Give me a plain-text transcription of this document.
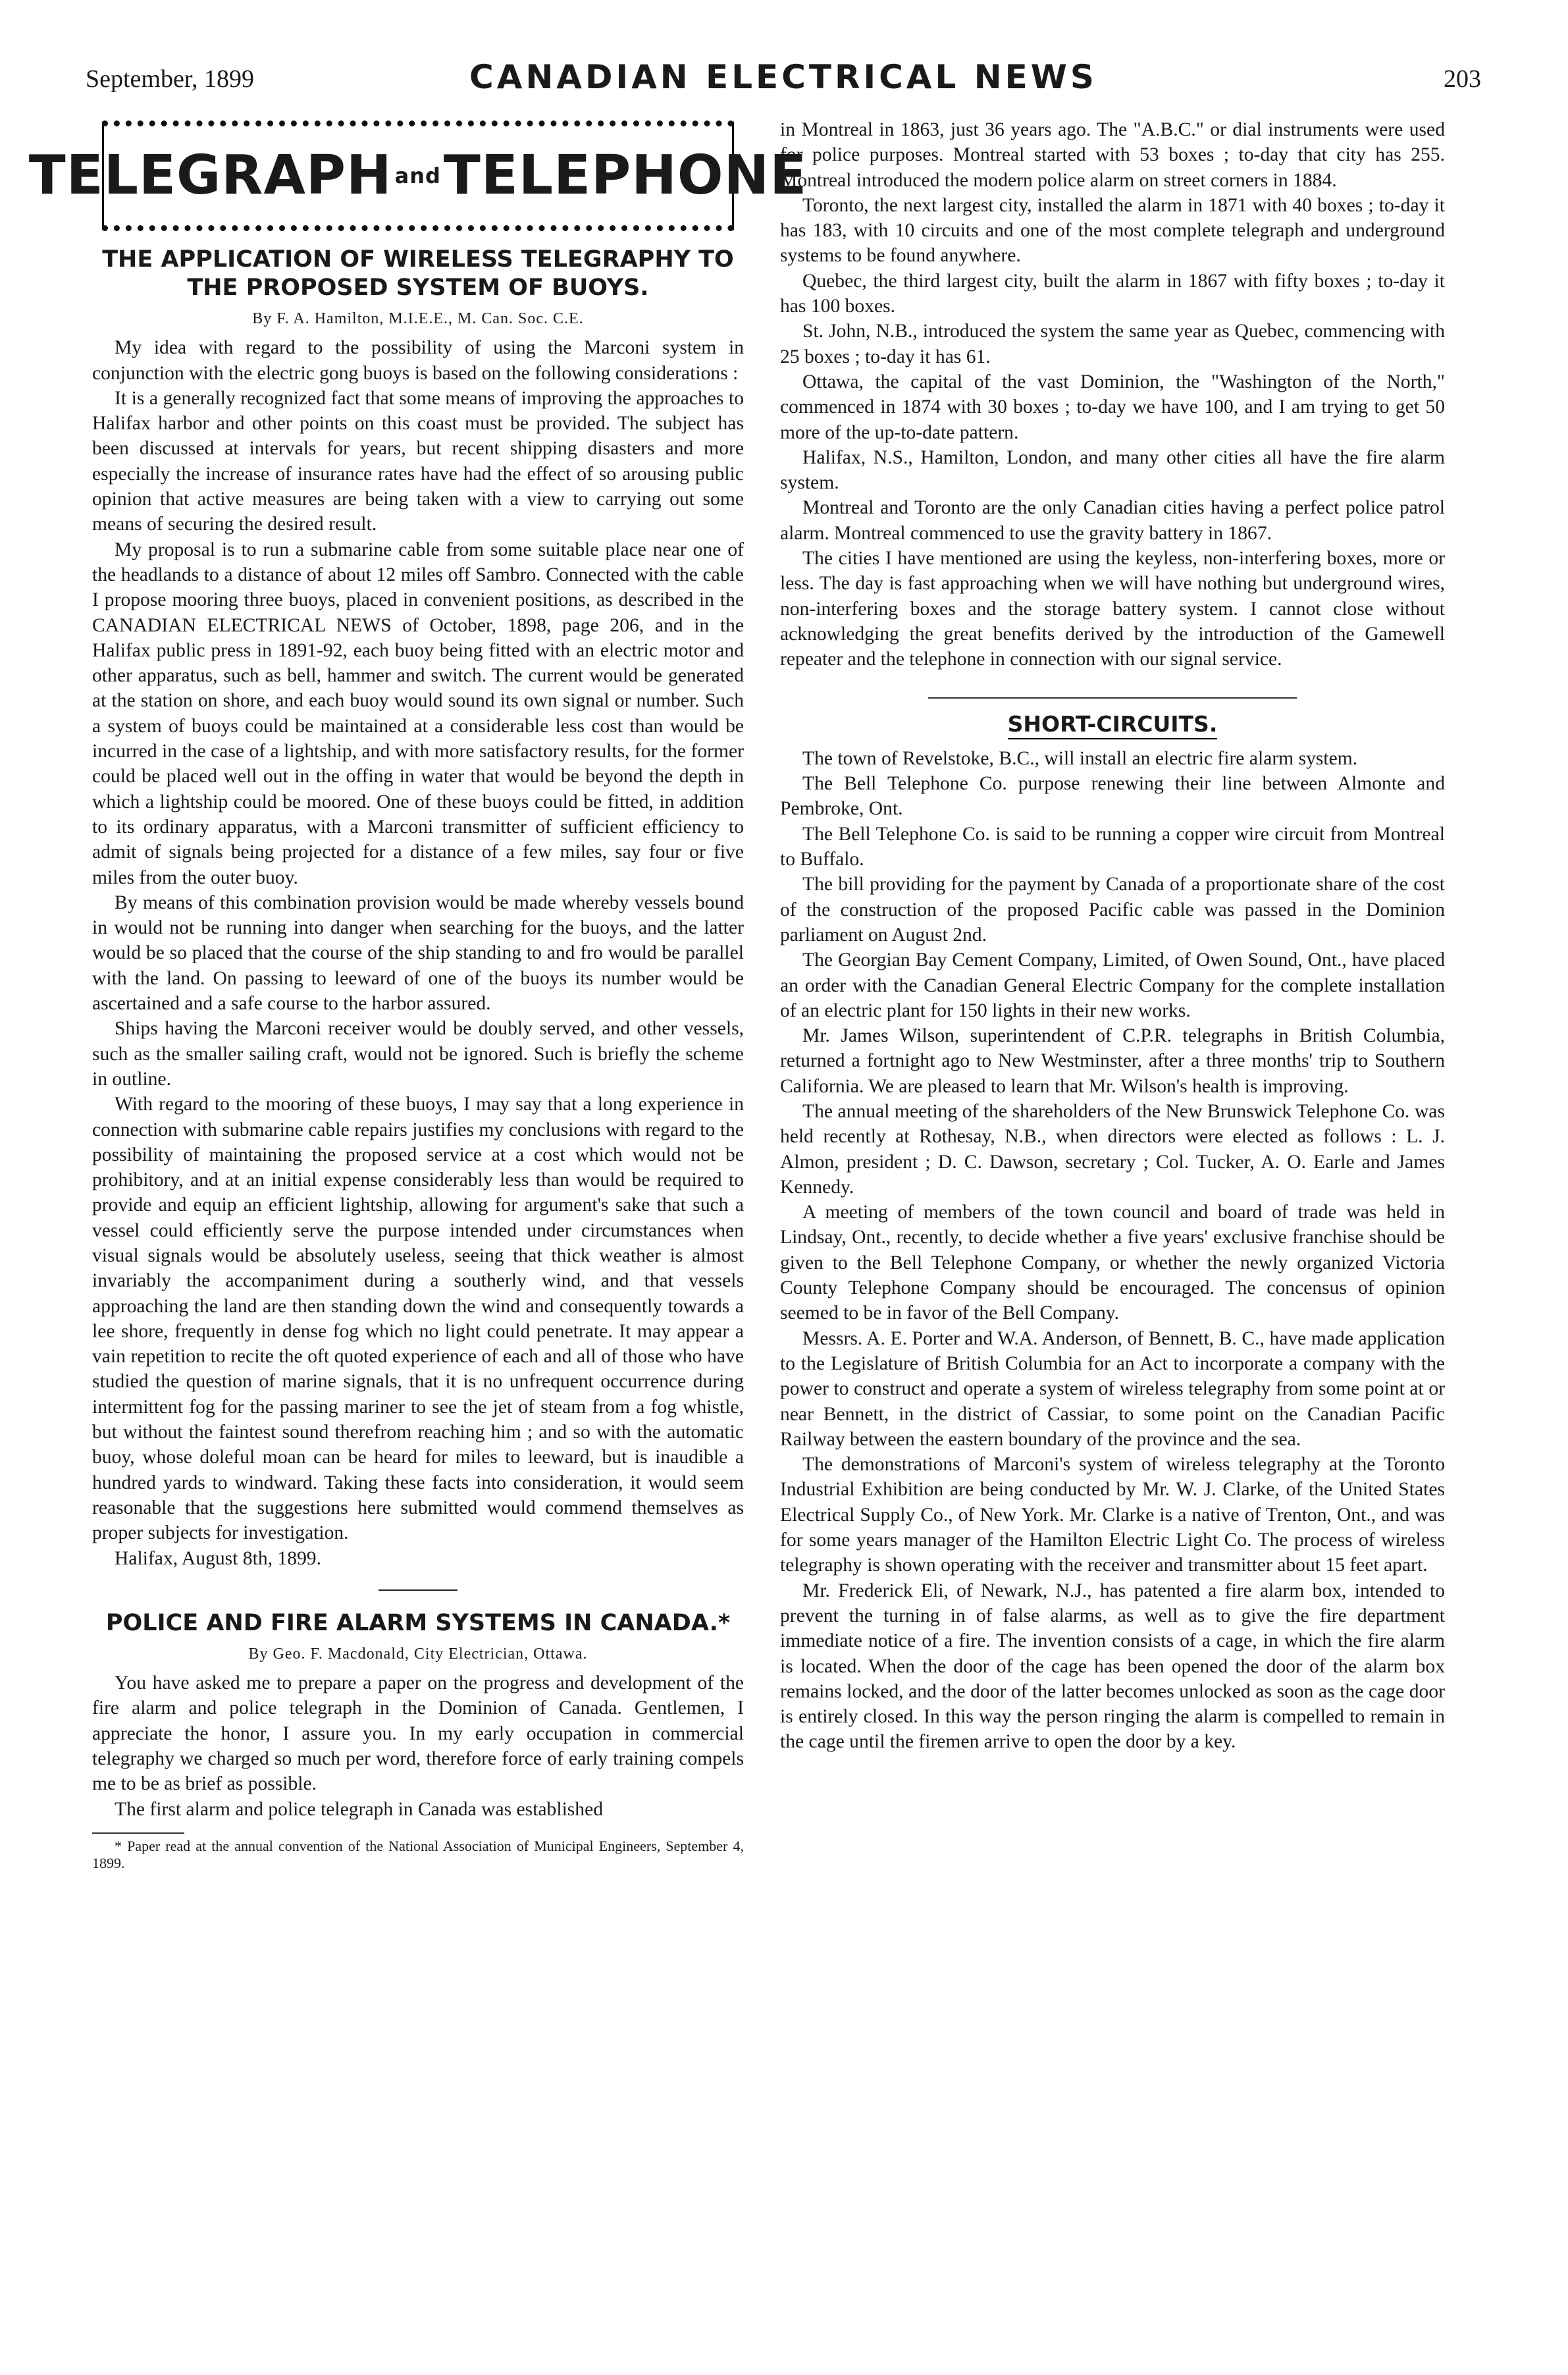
September, 1899	CANADIAN ELECTRICAL NEWS	203
TELEGRAPH and TELEPHONE
THE APPLICATION OF WIRELESS TELEGRAPHY TO THE PROPOSED SYSTEM OF BUOYS.
By F. A. Hamilton, M.I.E.E., M. Can. Soc. C.E.

My idea with regard to the possibility of using the Marconi system in conjunction with the electric gong buoys is based on the following considerations :

It is a generally recognized fact that some means of improving the approaches to Halifax harbor and other points on this coast must be provided. The subject has been discussed at intervals for years, but recent shipping disasters and more especially the increase of insurance rates have had the effect of so arousing public opinion that active measures are being taken with a view to carrying out some means of securing the desired result.

My proposal is to run a submarine cable from some suitable place near one of the headlands to a distance of about 12 miles off Sambro. Connected with the cable I propose mooring three buoys, placed in convenient positions, as described in the CANADIAN ELECTRICAL NEWS of October, 1898, page 206, and in the Halifax public press in 1891-92, each buoy being fitted with an electric motor and other apparatus, such as bell, hammer and switch. The current would be generated at the station on shore, and each buoy would sound its own signal or number. Such a system of buoys could be maintained at a considerable less cost than would be incurred in the case of a lightship, and with more satisfactory results, for the former could be placed well out in the offing in water that would be beyond the depth in which a lightship could be moored. One of these buoys could be fitted, in addition to its ordinary apparatus, with a Marconi transmitter of sufficient efficiency to admit of signals being projected for a distance of a few miles, say four or five miles from the outer buoy.

By means of this combination provision would be made whereby vessels bound in would not be running into danger when searching for the buoys, and the latter would be so placed that the course of the ship standing to and fro would be parallel with the land. On passing to leeward of one of the buoys its number would be ascertained and a safe course to the harbor assured.

Ships having the Marconi receiver would be doubly served, and other vessels, such as the smaller sailing craft, would not be ignored. Such is briefly the scheme in outline.

With regard to the mooring of these buoys, I may say that a long experience in connection with submarine cable repairs justifies my conclusions with regard to the possibility of maintaining the proposed service at a cost which would not be prohibitory, and at an initial expense considerably less than would be required to provide and equip an efficient lightship, allowing for argument's sake that such a vessel could efficiently serve the purpose intended under circumstances when visual signals would be absolutely useless, seeing that thick weather is almost invariably the accompaniment during a southerly wind, and that vessels approaching the land are then standing down the wind and consequently towards a lee shore, frequently in dense fog which no light could penetrate. It may appear a vain repetition to recite the oft quoted experience of each and all of those who have studied the question of marine signals, that it is no unfrequent occurrence during intermittent fog for the passing mariner to see the jet of steam from a fog whistle, but without the faintest sound therefrom reaching him ; and so with the automatic buoy, whose doleful moan can be heard for miles to leeward, but is inaudible a hundred yards to windward. Taking these facts into consideration, it would seem reasonable that the suggestions here submitted would commend themselves as proper subjects for investigation.

Halifax, August 8th, 1899.

POLICE AND FIRE ALARM SYSTEMS IN CANADA.*
By Geo. F. Macdonald, City Electrician, Ottawa.

You have asked me to prepare a paper on the progress and development of the fire alarm and police telegraph in the Dominion of Canada. Gentlemen, I appreciate the honor, I assure you. In my early occupation in commercial telegraphy we charged so much per word, therefore force of early training compels me to be as brief as possible.

The first alarm and police telegraph in Canada was established

* Paper read at the annual convention of the National Association of Municipal Engineers, September 4, 1899.

in Montreal in 1863, just 36 years ago. The "A.B.C." or dial instruments were used for police purposes. Montreal started with 53 boxes ; to-day that city has 255. Montreal introduced the modern police alarm on street corners in 1884.

Toronto, the next largest city, installed the alarm in 1871 with 40 boxes ; to-day it has 183, with 10 circuits and one of the most complete telegraph and underground systems to be found anywhere.

Quebec, the third largest city, built the alarm in 1867 with fifty boxes ; to-day it has 100 boxes.

St. John, N.B., introduced the system the same year as Quebec, commencing with 25 boxes ; to-day it has 61.

Ottawa, the capital of the vast Dominion, the "Washington of the North," commenced in 1874 with 30 boxes ; to-day we have 100, and I am trying to get 50 more of the up-to-date pattern.

Halifax, N.S., Hamilton, London, and many other cities all have the fire alarm system.

Montreal and Toronto are the only Canadian cities having a perfect police patrol alarm. Montreal commenced to use the gravity battery in 1867.

The cities I have mentioned are using the keyless, non-interfering boxes, more or less. The day is fast approaching when we will have nothing but underground wires, non-interfering boxes and the storage battery system. I cannot close without acknowledging the great benefits derived by the introduction of the Gamewell repeater and the telephone in connection with our signal service.

SHORT-CIRCUITS.

The town of Revelstoke, B.C., will install an electric fire alarm system.

The Bell Telephone Co. purpose renewing their line between Almonte and Pembroke, Ont.

The Bell Telephone Co. is said to be running a copper wire circuit from Montreal to Buffalo.

The bill providing for the payment by Canada of a proportionate share of the cost of the construction of the proposed Pacific cable was passed in the Dominion parliament on August 2nd.

The Georgian Bay Cement Company, Limited, of Owen Sound, Ont., have placed an order with the Canadian General Electric Company for the complete installation of an electric plant for 150 lights in their new works.

Mr. James Wilson, superintendent of C.P.R. telegraphs in British Columbia, returned a fortnight ago to New Westminster, after a three months' trip to Southern California. We are pleased to learn that Mr. Wilson's health is improving.

The annual meeting of the shareholders of the New Brunswick Telephone Co. was held recently at Rothesay, N.B., when directors were elected as follows : L. J. Almon, president ; D. C. Dawson, secretary ; Col. Tucker, A. O. Earle and James Kennedy.

A meeting of members of the town council and board of trade was held in Lindsay, Ont., recently, to decide whether a five years' exclusive franchise should be given to the Bell Telephone Company, or whether the newly organized Victoria County Telephone Company should be encouraged. The concensus of opinion seemed to be in favor of the Bell Company.

Messrs. A. E. Porter and W.A. Anderson, of Bennett, B. C., have made application to the Legislature of British Columbia for an Act to incorporate a company with the power to construct and operate a system of wireless telegraphy from some point at or near Bennett, in the district of Cassiar, to some point on the Canadian Pacific Railway between the eastern boundary of the province and the sea.

The demonstrations of Marconi's system of wireless telegraphy at the Toronto Industrial Exhibition are being conducted by Mr. W. J. Clarke, of the United States Electrical Supply Co., of New York. Mr. Clarke is a native of Trenton, Ont., and was for some years manager of the Hamilton Electric Light Co. The process of wireless telegraphy is shown operating with the receiver and transmitter about 15 feet apart.

Mr. Frederick Eli, of Newark, N.J., has patented a fire alarm box, intended to prevent the turning in of false alarms, as well as to give the fire department immediate notice of a fire. The invention consists of a cage, in which the fire alarm is located. When the door of the cage has been opened the door of the alarm box remains locked, and the door of the latter becomes unlocked as soon as the cage door is entirely closed. In this way the person ringing the alarm is compelled to remain in the cage until the firemen arrive to open the door by a key.
